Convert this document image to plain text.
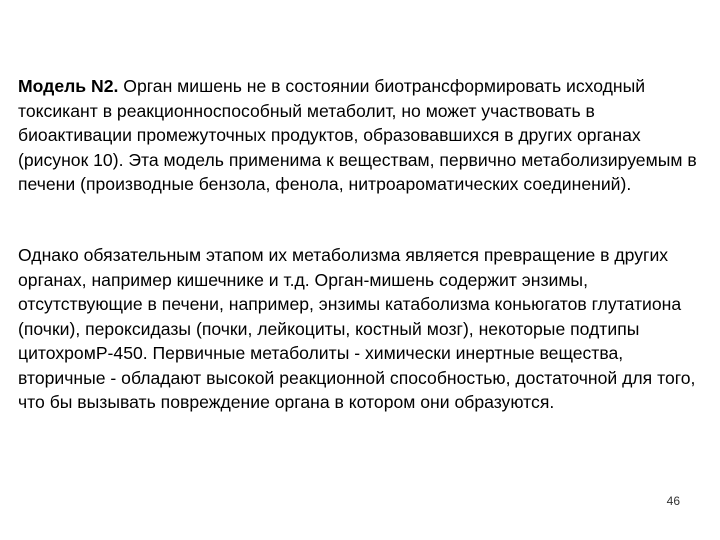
Модель N2. Орган мишень не в состоянии биотрансформировать исходный токсикант в реакционноспособный метаболит, но может участвовать в биоактивации промежуточных продуктов, образовавшихся в других органах (рисунок 10). Эта модель применима к веществам, первично метаболизируемым в печени (производные бензола, фенола, нитроароматических соединений).

Однако обязательным этапом их метаболизма является превращение в других органах, например кишечнике и т.д. Орган-мишень содержит энзимы, отсутствующие в печени, например, энзимы катаболизма коньюгатов глутатиона (почки), пероксидазы (почки, лейкоциты, костный мозг), некоторые подтипы цитохромP-450. Первичные метаболиты - химически инертные вещества, вторичные - обладают высокой реакционной способностью, достаточной для того, что бы вызывать повреждение органа в котором они образуются.

46
